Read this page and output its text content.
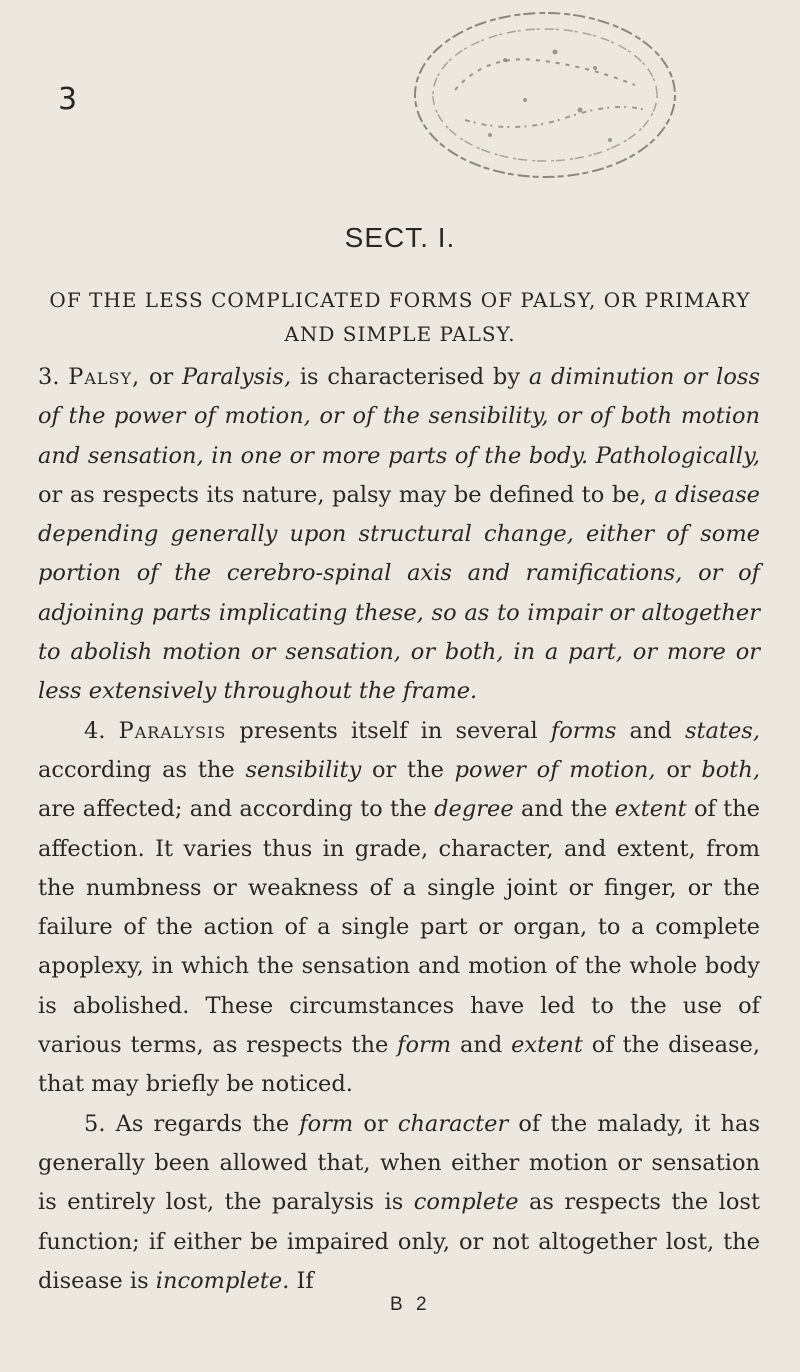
3
SECT. I.
OF THE LESS COMPLICATED FORMS OF PALSY, OR PRIMARY AND SIMPLE PALSY.

3. Palsy, or Paralysis, is characterised by a diminution or loss of the power of motion, or of the sensibility, or of both motion and sensation, in one or more parts of the body. Pathologically, or as respects its nature, palsy may be defined to be, a disease depending generally upon structural change, either of some portion of the cerebro-spinal axis and ramifications, or of adjoining parts implicating these, so as to impair or altogether to abolish motion or sensation, or both, in a part, or more or less extensively throughout the frame.

4. Paralysis presents itself in several forms and states, according as the sensibility or the power of motion, or both, are affected; and according to the degree and the extent of the affection. It varies thus in grade, character, and extent, from the numbness or weakness of a single joint or finger, or the failure of the action of a single part or organ, to a complete apoplexy, in which the sensation and motion of the whole body is abolished. These circumstances have led to the use of various terms, as respects the form and extent of the disease, that may briefly be noticed.

5. As regards the form or character of the malady, it has generally been allowed that, when either motion or sensation is entirely lost, the paralysis is complete as respects the lost function; if either be impaired only, or not altogether lost, the disease is incomplete. If

B 2
